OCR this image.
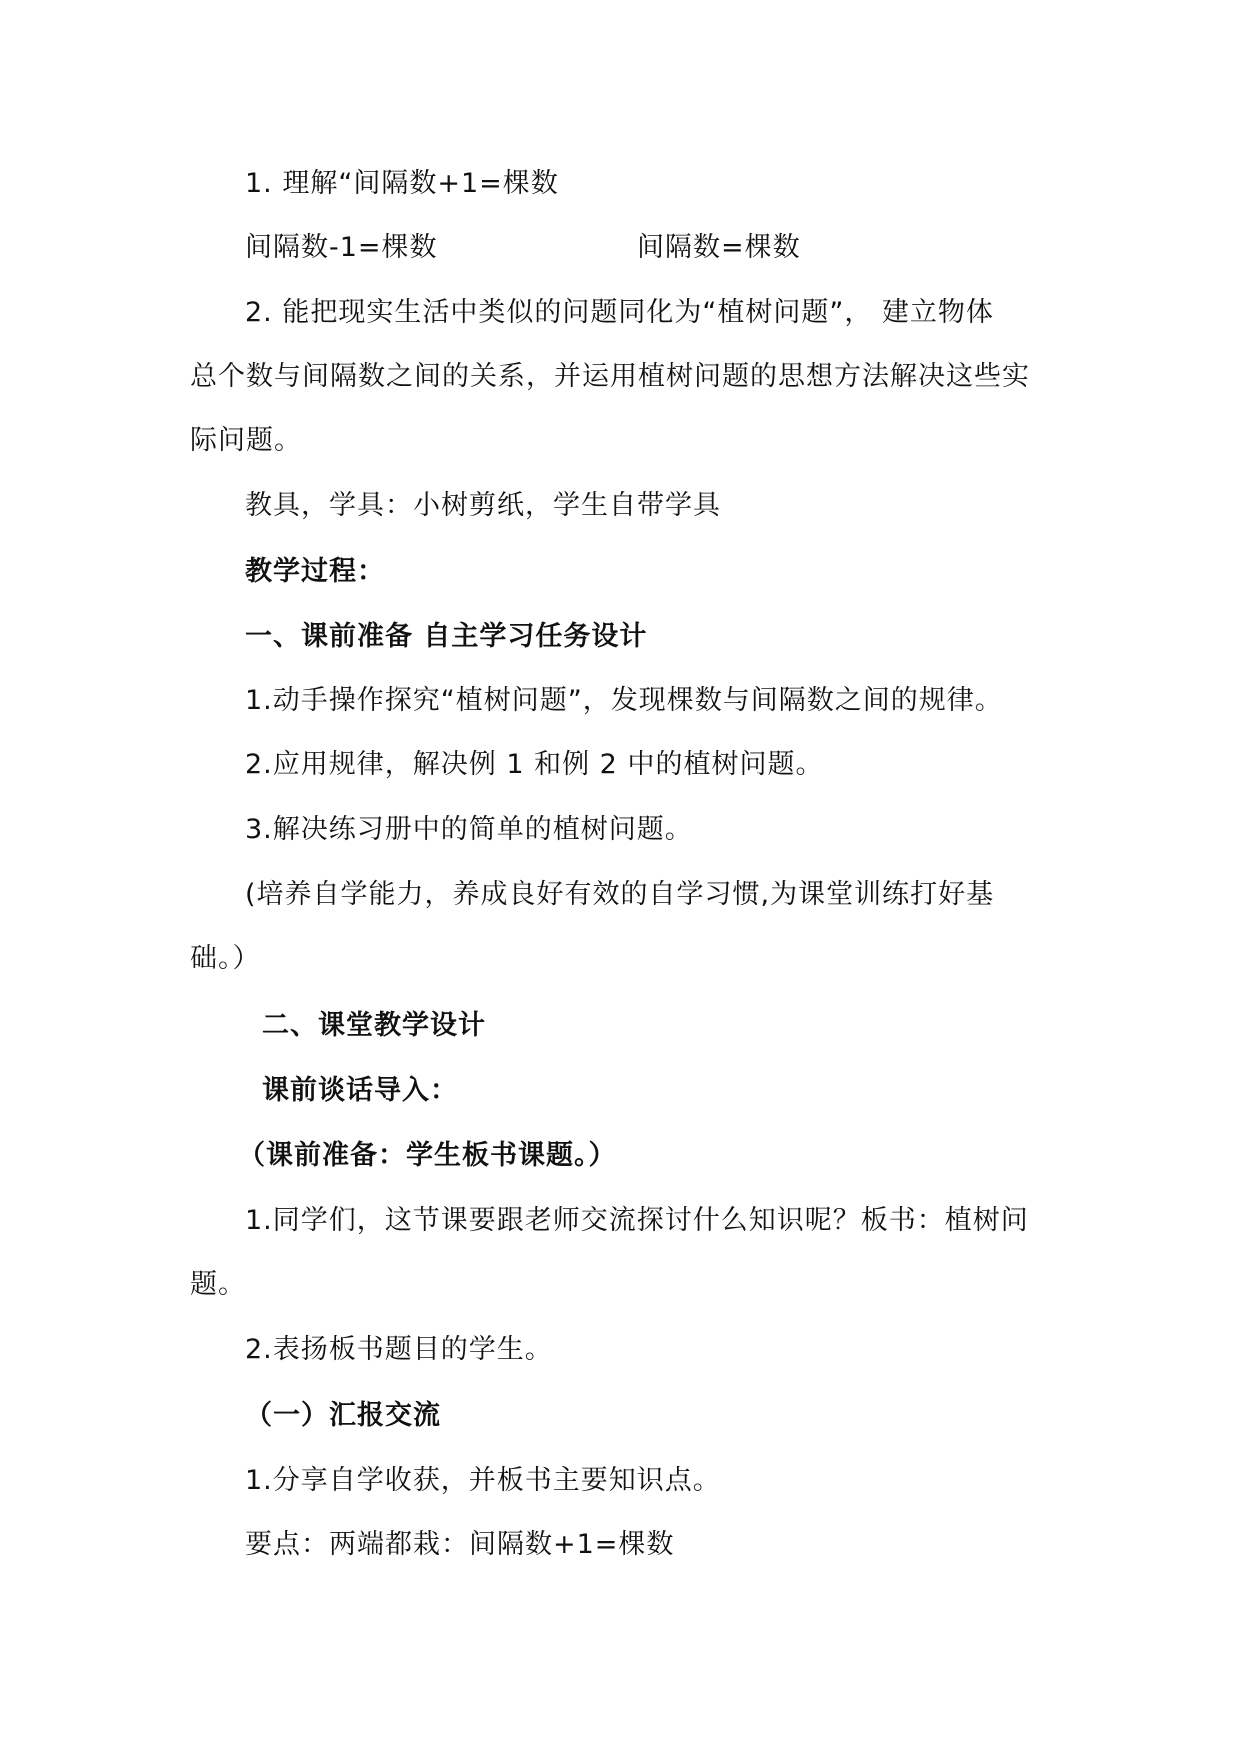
1. 理解“间隔数+1=棵数
间隔数-1=棵数	间隔数=棵数
2. 能把现实生活中类似的问题同化为“植树问题”， 建立物体
总个数与间隔数之间的关系，并运用植树问题的思想方法解决这些实
际问题。
教具，学具：小树剪纸，学生自带学具
教学过程：
一、课前准备 自主学习任务设计
1.动手操作探究“植树问题”，发现棵数与间隔数之间的规律。
2.应用规律，解决例 1 和例 2 中的植树问题。
3.解决练习册中的简单的植树问题。
(培养自学能力，养成良好有效的自学习惯,为课堂训练打好基
础。）
二、课堂教学设计
课前谈话导入：
（课前准备：学生板书课题。）
1.同学们，这节课要跟老师交流探讨什么知识呢？板书：植树问
题。
2.表扬板书题目的学生。
（一）汇报交流
1.分享自学收获，并板书主要知识点。
要点：两端都栽：间隔数+1=棵数
